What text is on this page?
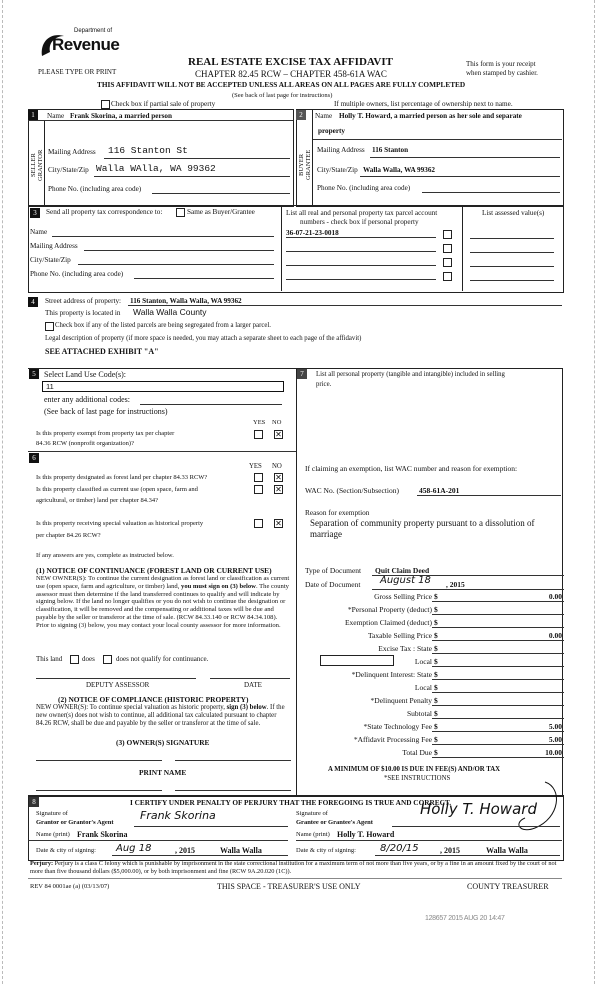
Department of
Revenue
PLEASE TYPE OR PRINT
REAL ESTATE EXCISE TAX AFFIDAVIT
CHAPTER 82.45 RCW – CHAPTER 458-61A WAC
THIS AFFIDAVIT WILL NOT BE ACCEPTED UNLESS ALL AREAS ON ALL PAGES ARE FULLY COMPLETED
(See back of last page for instructions)
This form is your receipt
when stamped by cashier.
Check box if partial sale of property	If multiple owners, list percentage of ownership next to name.
1
SELLER GRANTOR
Name Frank Skorina, a married person
Mailing Address 116 Stanton St
City/State/Zip Walla WAlla, WA 99362
Phone No. (including area code)
2
BUYER GRANTEE
Name Holly T. Howard, a married person as her sole and separate
property
Mailing Address 116 Stanton
City/State/Zip Walla Walla, WA 99362
Phone No. (including area code)
3	Send all property tax correspondence to:	Same as Buyer/Grantee
Name
Mailing Address
City/State/Zip
Phone No. (including area code)
List all real and personal property tax parcel account
numbers - check box if personal property
List assessed value(s)
36-07-21-23-0018
4	Street address of property: 116 Stanton, Walla Walla, WA 99362
This property is located in Walla Walla County
Check box if any of the listed parcels are being segregated from a larger parcel.
Legal description of property (if more space is needed, you may attach a separate sheet to each page of the affidavit)
SEE ATTACHED EXHIBIT "A"
5	Select Land Use Code(s):
11
enter any additional codes:
(See back of last page for instructions)
YES NO
Is this property exempt from property tax per chapter
84.36 RCW (nonprofit organization)?
✕
6
YES NO
Is this property designated as forest land per chapter 84.33 RCW?	✕
Is this property classified as current use (open space, farm and
agricultural, or timber) land per chapter 84.34?
✕
Is this property receiving special valuation as historical property
per chapter 84.26 RCW?
✕
If any answers are yes, complete as instructed below.
(1) NOTICE OF CONTINUANCE (FOREST LAND OR CURRENT USE)
NEW OWNER(S): To continue the current designation as forest land or classification as current use (open space, farm and agriculture, or timber) land, you must sign on (3) below. The county assessor must then determine if the land transferred continues to qualify and will indicate by signing below. If the land no longer qualifies or you do not wish to continue the designation or classification, it will be removed and the compensating or additional taxes will be due and payable by the seller or transferor at the time of sale. (RCW 84.33.140 or RCW 84.34.108). Prior to signing (3) below, you may contact your local county assessor for more information.
This land	does	does not qualify for continuance.
DEPUTY ASSESSOR	DATE
(2) NOTICE OF COMPLIANCE (HISTORIC PROPERTY)
NEW OWNER(S): To continue special valuation as historic property, sign (3) below. If the new owner(s) does not wish to continue, all additional tax calculated pursuant to chapter 84.26 RCW, shall be due and payable by the seller or transferor at the time of sale.
(3) OWNER(S) SIGNATURE
PRINT NAME
7	List all personal property (tangible and intangible) included in selling
price.
If claiming an exemption, list WAC number and reason for exemption:
WAC No. (Section/Subsection)	458-61A-201
Reason for exemption
Separation of community property pursuant to a dissolution of marriage
Type of Document Quit Claim Deed
Date of Document August 18 , 2015
Gross Selling Price $	0.00
*Personal Property (deduct) $
Exemption Claimed (deduct) $
Taxable Selling Price $	0.00
Excise Tax : State $
Local $
*Delinquent Interest: State $
Local $
*Delinquent Penalty $
Subtotal $
*State Technology Fee $	5.00
*Affidavit Processing Fee $	5.00
Total Due $	10.00
A MINIMUM OF $10.00 IS DUE IN FEE(S) AND/OR TAX
*SEE INSTRUCTIONS
8	I CERTIFY UNDER PENALTY OF PERJURY THAT THE FOREGOING IS TRUE AND CORRECT.
Signature of
Grantor or Grantor's Agent
Frank Skorina
Name (print) Frank Skorina
Date & city of signing: Aug 18	, 2015	Walla Walla
Signature of
Grantee or Grantee's Agent
Holly T. Howard
Name (print) Holly T. Howard
Date & city of signing: 8/20/15	, 2015	Walla Walla
Perjury: Perjury is a class C felony which is punishable by imprisonment in the state correctional institution for a maximum term of not more than five years, or by a fine in an amount fixed by the court of not more than five thousand dollars ($5,000.00), or by both imprisonment and fine (RCW 9A.20.020 (1C)).
REV 84 0001ae (a) (03/13/07)	THIS SPACE - TREASURER'S USE ONLY	COUNTY TREASURER
128657 2015 AUG 20 14:47
